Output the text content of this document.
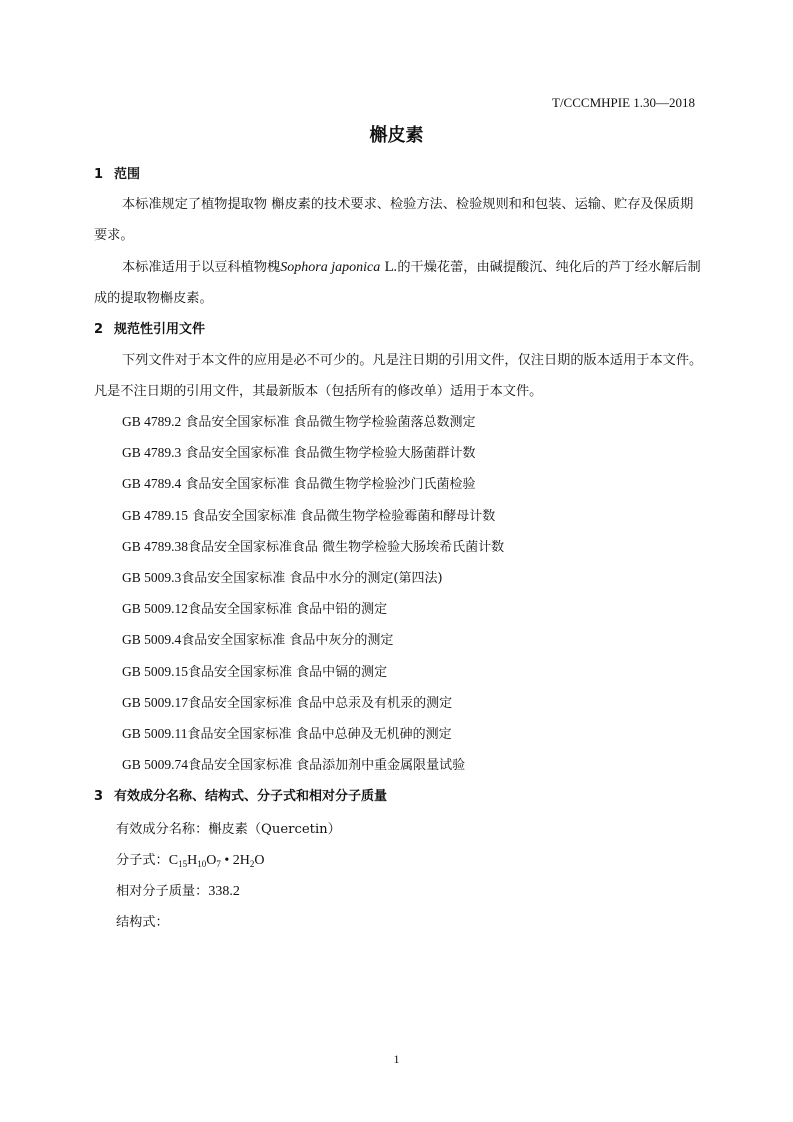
T/CCCMHPIE 1.30—2018
槲皮素
1 范围
本标准规定了植物提取物 槲皮素的技术要求、检验方法、检验规则和和包装、运输、贮存及保质期
要求。
本标准适用于以豆科植物槐Sophora japonica L.的干燥花蕾，由碱提酸沉、纯化后的芦丁经水解后制
成的提取物槲皮素。
2 规范性引用文件
下列文件对于本文件的应用是必不可少的。凡是注日期的引用文件，仅注日期的版本适用于本文件。
凡是不注日期的引用文件，其最新版本（包括所有的修改单）适用于本文件。
GB 4789.2 食品安全国家标准 食品微生物学检验菌落总数测定
GB 4789.3 食品安全国家标准 食品微生物学检验大肠菌群计数
GB 4789.4 食品安全国家标准 食品微生物学检验沙门氏菌检验
GB 4789.15 食品安全国家标准 食品微生物学检验霉菌和酵母计数
GB 4789.38食品安全国家标准食品 微生物学检验大肠埃希氏菌计数
GB 5009.3食品安全国家标准 食品中水分的测定(第四法)
GB 5009.12食品安全国家标准 食品中铅的测定
GB 5009.4食品安全国家标准 食品中灰分的测定
GB 5009.15食品安全国家标准 食品中镉的测定
GB 5009.17食品安全国家标准 食品中总汞及有机汞的测定
GB 5009.11食品安全国家标准 食品中总砷及无机砷的测定
GB 5009.74食品安全国家标准 食品添加剂中重金属限量试验
3 有效成分名称、结构式、分子式和相对分子质量
有效成分名称：槲皮素（Quercetin）
分子式：$C_{15}H_{10}O_7$ • $2H_2O$
相对分子质量：338.2
结构式：
1
